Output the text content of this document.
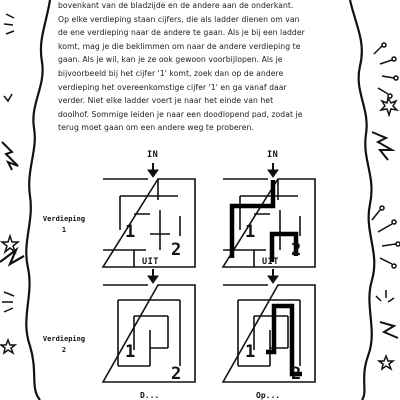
bovenkant van de bladzijde en de andere aan de onderkant.
Op elke verdieping staan cijfers, die als ladder dienen om van
de ene verdieping naar de andere te gaan. Als je bij een ladder
komt, mag je die beklimmen om naar de andere verdieping te
gaan. Als je wil, kan je ze ook gewoon voorbijlopen. Als je
bijvoorbeeld bij het cijfer '1' komt, zoek dan op de andere
verdieping het overeenkomstige cijfer '1' en ga vanaf daar
verder. Niet elke ladder voert je naar het einde van het
doolhof. Sommige leiden je naar een doodlopend pad, zodat je
terug moet gaan om een andere weg te proberen.
IN	IN
UIT	UIT
Verdieping
1
Verdieping
2
1
2
1
2
1
2
1
2
D...	Op...
